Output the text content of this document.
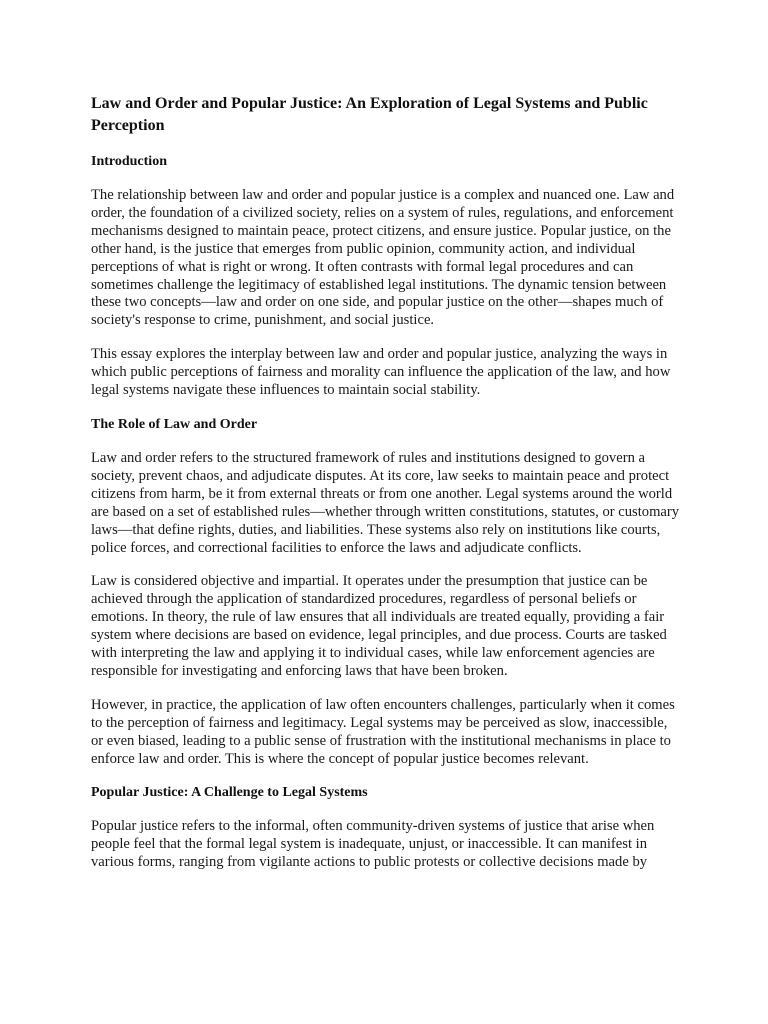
Law and Order and Popular Justice: An Exploration of Legal Systems and Public Perception
Introduction

The relationship between law and order and popular justice is a complex and nuanced one. Law and order, the foundation of a civilized society, relies on a system of rules, regulations, and enforcement mechanisms designed to maintain peace, protect citizens, and ensure justice. Popular justice, on the other hand, is the justice that emerges from public opinion, community action, and individual perceptions of what is right or wrong. It often contrasts with formal legal procedures and can sometimes challenge the legitimacy of established legal institutions. The dynamic tension between these two concepts—law and order on one side, and popular justice on the other—shapes much of society's response to crime, punishment, and social justice.

This essay explores the interplay between law and order and popular justice, analyzing the ways in which public perceptions of fairness and morality can influence the application of the law, and how legal systems navigate these influences to maintain social stability.

The Role of Law and Order

Law and order refers to the structured framework of rules and institutions designed to govern a society, prevent chaos, and adjudicate disputes. At its core, law seeks to maintain peace and protect citizens from harm, be it from external threats or from one another. Legal systems around the world are based on a set of established rules—whether through written constitutions, statutes, or customary laws—that define rights, duties, and liabilities. These systems also rely on institutions like courts, police forces, and correctional facilities to enforce the laws and adjudicate conflicts.

Law is considered objective and impartial. It operates under the presumption that justice can be achieved through the application of standardized procedures, regardless of personal beliefs or emotions. In theory, the rule of law ensures that all individuals are treated equally, providing a fair system where decisions are based on evidence, legal principles, and due process. Courts are tasked with interpreting the law and applying it to individual cases, while law enforcement agencies are responsible for investigating and enforcing laws that have been broken.

However, in practice, the application of law often encounters challenges, particularly when it comes to the perception of fairness and legitimacy. Legal systems may be perceived as slow, inaccessible, or even biased, leading to a public sense of frustration with the institutional mechanisms in place to enforce law and order. This is where the concept of popular justice becomes relevant.

Popular Justice: A Challenge to Legal Systems

Popular justice refers to the informal, often community-driven systems of justice that arise when people feel that the formal legal system is inadequate, unjust, or inaccessible. It can manifest in various forms, ranging from vigilante actions to public protests or collective decisions made by
